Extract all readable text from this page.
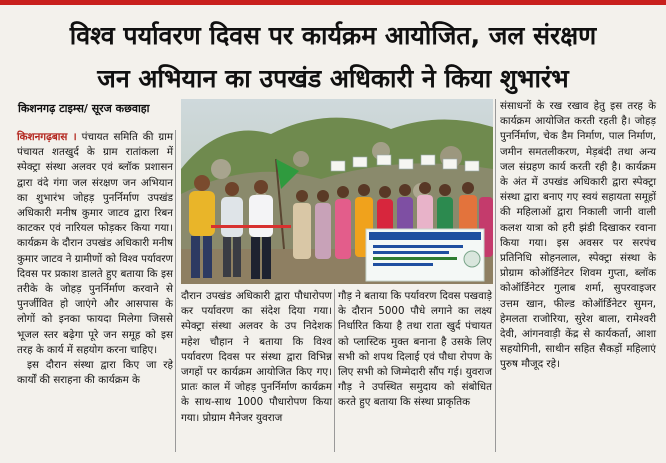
विश्व पर्यावरण दिवस पर कार्यक्रम आयोजित, जल संरक्षण
जन अभियान का उपखंड अधिकारी ने किया शुभारंभ
किशनगढ़ टाइम्स/ सूरज कछवाहा

किशनगढ़बास । पंचायत समिति की ग्राम पंचायत शतखुर्द के ग्राम रातांकला में स्पेक्ट्रा संस्था अलवर एवं ब्लॉक प्रशासन द्वारा वंदे गंगा जल संरक्षण जन अभियान का शुभारंभ जोहड़ पुनर्निर्माण उपखंड अधिकारी मनीष कुमार जाटव द्वारा रिबन काटकर एवं नारियल फोड़कर किया गया। कार्यक्रम के दौरान उपखंड अधिकारी मनीष कुमार जाटव ने ग्रामीणों को विश्व पर्यावरण दिवस पर प्रकाश डालते हुए बताया कि इस तरीके के जोहड़ पुनर्निर्माण करवाने से पुनर्जीवित हो जाएंगे और आसपास के लोगों को इनका फायदा मिलेगा जिससे भूजल स्तर बढ़ेगा पूरे जन समूह को इस तरह के कार्य में सहयोग करना चाहिए।

इस दौरान संस्था द्वारा किए जा रहे कार्यों की सराहना की कार्यक्रम के

दौरान उपखंड अधिकारी द्वारा पौधारोपण कर पर्यावरण का संदेश दिया गया। स्पेक्ट्रा संस्था अलवर के उप निदेशक महेश चौहान ने बताया कि विश्व पर्यावरण दिवस पर संस्था द्वारा विभिन्न जगहों पर कार्यक्रम आयोजित किए गए। प्रातः काल में जोहड़ पुनर्निर्माण कार्यक्रम के साथ-साथ 1000 पौधारोपण किया गया। प्रोग्राम मैनेजर युवराज

गौड़ ने बताया कि पर्यावरण दिवस पखवाड़े के दौरान 5000 पौधे लगाने का लक्ष्य निर्धारित किया है तथा राता खुर्द पंचायत को प्लास्टिक मुक्त बनाना है उसके लिए सभी को शपथ दिलाई एवं पौधा रोपण के लिए सभी को जिम्मेदारी सौंप गई। युवराज गौड़ ने उपस्थित समुदाय को संबोधित करते हुए बताया कि संस्था प्राकृतिक

संसाधनों के रख रखाव हेतु इस तरह के कार्यक्रम आयोजित करती रहती है। जोहड़ पुनर्निर्माण, चेक डैम निर्माण, पाल निर्माण, जमीन समतलीकरण, मेड़बंदी तथा अन्य जल संग्रहण कार्य करती रही है। कार्यक्रम के अंत में उपखंड अधिकारी द्वारा स्पेक्ट्रा संस्था द्वारा बनाए गए स्वयं सहायता समूहों की महिलाओं द्वारा निकाली जानी वाली कलश यात्रा को हरी झंडी दिखाकर रवाना किया गया। इस अवसर पर सरपंच प्रतिनिधि सोहनलाल, स्पेक्ट्रा संस्था के प्रोग्राम कोऑर्डिनेटर शिवम गुप्ता, ब्लॉक कोऑर्डिनेटर गुलाब शर्मा, सुपरवाइजर उत्तम खान, फील्ड कोऑर्डिनेटर सुमन, हेमलता राजोरिया, सुरेश बाला, रामेश्वरी देवी, आंगनवाड़ी केंद्र से कार्यकर्ता, आशा सहयोगिनी, साथीन सहित सैकड़ों महिलाएं पुरुष मौजूद रहे।
